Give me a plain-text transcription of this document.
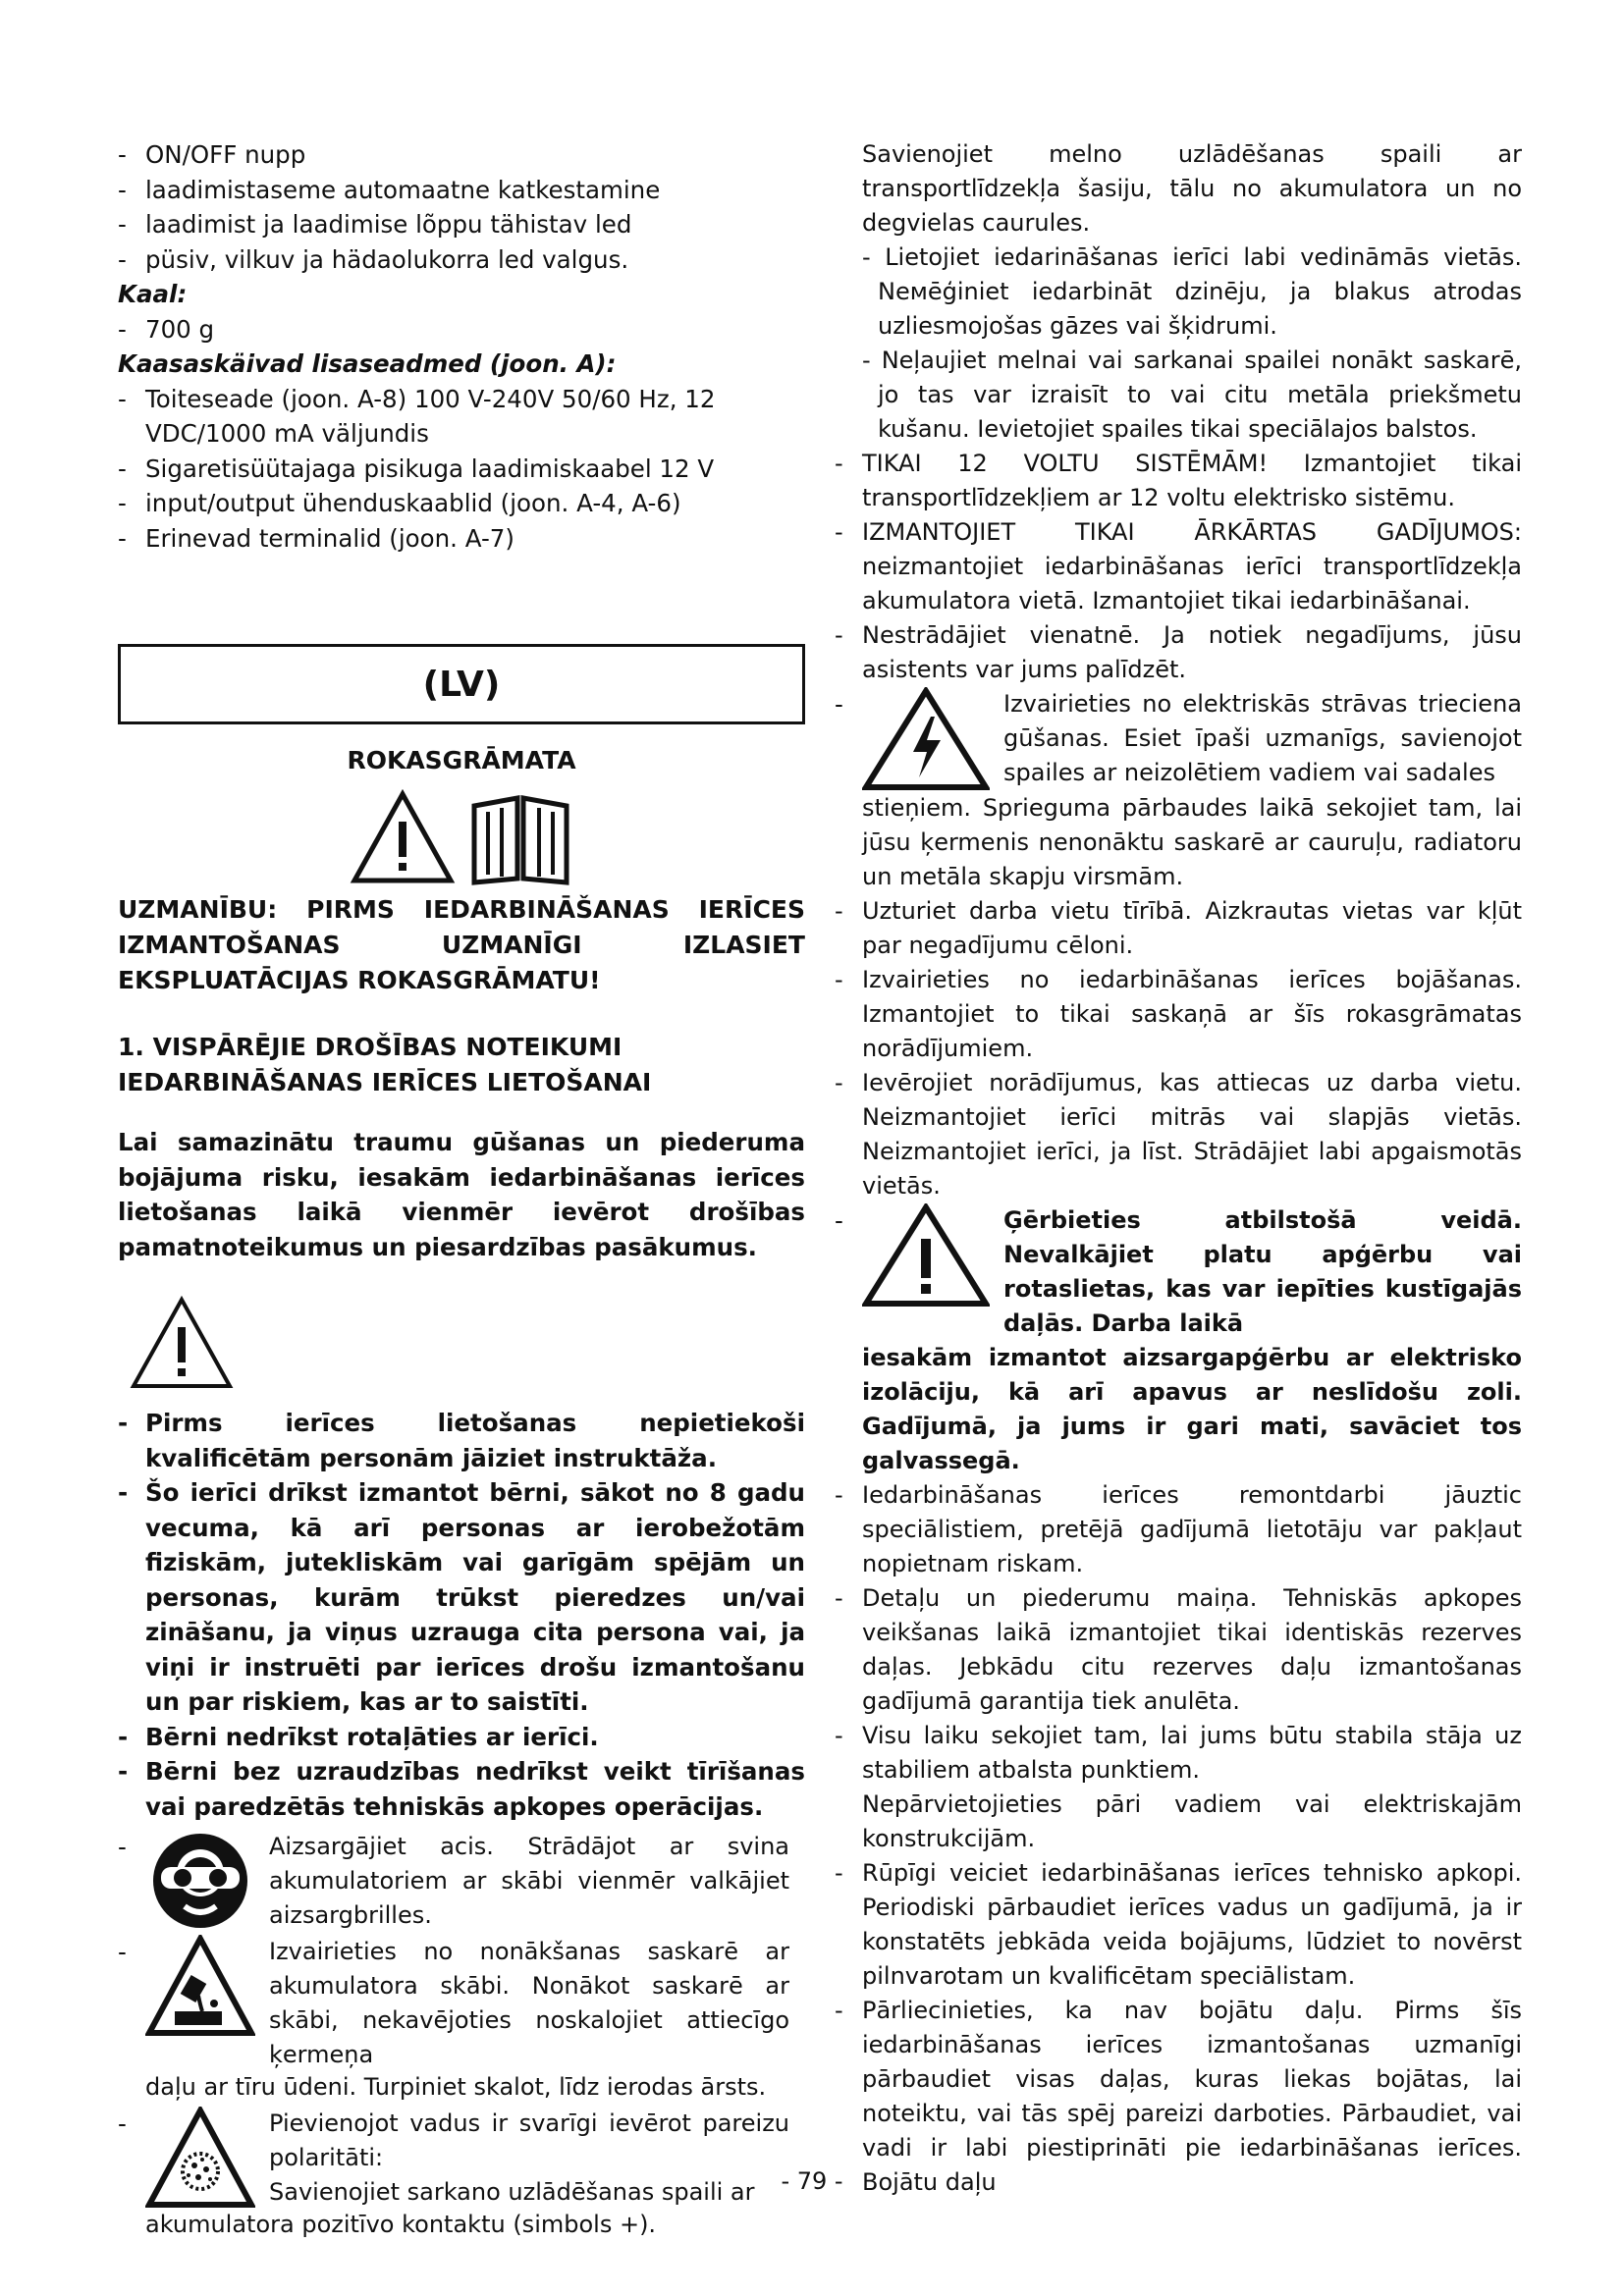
- ON/OFF nupp

- laadimistaseme automaatne katkestamine

- laadimist ja laadimise lõppu tähistav led

- püsiv, vilkuv ja hädaolukorra led valgus.

Kaal:

- 700 g

Kaasaskäivad lisaseadmed (joon. A):

- Toiteseade (joon. A-8) 100 V-240V 50/60 Hz, 12 VDC/1000 mA väljundis

- Sigaretisüütajaga pisikuga laadimiskaabel 12 V

- input/output ühenduskaablid (joon. A-4, A-6)

- Erinevad terminalid (joon. A-7)

(LV)
ROKASGRĀMATA

UZMANĪBU: PIRMS IEDARBINĀŠANAS IERĪCES IZMANTOŠANAS UZMANĪGI IZLASIET EKSPLUATĀCIJAS ROKASGRĀMATU!

1. VISPĀRĒJIE DROŠĪBAS NOTEIKUMI IEDARBINĀŠANAS IERĪCES LIETOŠANAI

Lai samazinātu traumu gūšanas un piederuma bojājuma risku, iesakām iedarbināšanas ierīces lietošanas laikā vienmēr ievērot drošības pamatnoteikumus un piesardzības pasākumus.

- Pirms ierīces lietošanas nepietiekoši kvalificētām personām jāiziet instruktāža.

- Šo ierīci drīkst izmantot bērni, sākot no 8 gadu vecuma, kā arī personas ar ierobežotām fiziskām, jutekliskām vai garīgām spējām un personas, kurām trūkst pieredzes un/vai zināšanu, ja viņus uzrauga cita persona vai, ja viņi ir instruēti par ierīces drošu izmantošanu un par riskiem, kas ar to saistīti.

- Bērni nedrīkst rotaļāties ar ierīci.

- Bērni bez uzraudzības nedrīkst veikt tīrīšanas vai paredzētās tehniskās apkopes operācijas.

-	Aizsargājiet acis. Strādājot ar svina akumulatoriem ar skābi vienmēr valkājiet aizsargbrilles.

-	Izvairieties no nonākšanas saskarē ar akumulatora skābi. Nonākot saskarē ar skābi, nekavējoties noskalojiet attiecīgo ķermeņa

daļu ar tīru ūdeni. Turpiniet skalot, līdz ierodas ārsts.

-	Pievienojot vadus ir svarīgi ievērot pareizu polaritāti:

Savienojiet sarkano uzlādēšanas spaili ar

akumulatora pozitīvo kontaktu (simbols +).

Savienojiet melno uzlādēšanas spaili ar transportlīdzekļa šasiju, tālu no akumulatora un no degvielas caurules.

- Lietojiet iedarināšanas ierīci labi vedināmās vietās. Neмēģiniet iedarbināt dzinēju, ja blakus atrodas uzliesmojošas gāzes vai šķidrumi.

- Neļaujiet melnai vai sarkanai spailei nonākt saskarē, jo tas var izraisīt to vai citu metāla priekšmetu kušanu. Ievietojiet spailes tikai speciālajos balstos.

- TIKAI 12 VOLTU SISTĒMĀM! Izmantojiet tikai transportlīdzekļiem ar 12 voltu elektrisko sistēmu.

- IZMANTOJIET TIKAI ĀRKĀRTAS GADĪJUMOS: neizmantojiet iedarbināšanas ierīci transportlīdzekļa akumulatora vietā. Izmantojiet tikai iedarbināšanai.

- Nestrādājiet vienatnē. Ja notiek negadījums, jūsu asistents var jums palīdzēt.

-	Izvairieties no elektriskās strāvas trieciena gūšanas. Esiet īpaši uzmanīgs, savienojot spailes ar neizolētiem vadiem vai sadales

stieņiem. Sprieguma pārbaudes laikā sekojiet tam, lai jūsu ķermenis nenonāktu saskarē ar cauruļu, radiatoru un metāla skapju virsmām.

- Uzturiet darba vietu tīrībā. Aizkrautas vietas var kļūt par negadījumu cēloni.

- Izvairieties no iedarbināšanas ierīces bojāšanas. Izmantojiet to tikai saskaņā ar šīs rokasgrāmatas norādījumiem.

- Ievērojiet norādījumus, kas attiecas uz darba vietu. Neizmantojiet ierīci mitrās vai slapjās vietās. Neizmantojiet ierīci, ja līst. Strādājiet labi apgaismotās vietās.

-	Ģērbieties atbilstošā veidā. Nevalkājiet platu apģērbu vai rotaslietas, kas var iepīties kustīgajās daļās. Darba laikā

iesakām izmantot aizsargapģērbu ar elektrisko izolāciju, kā arī apavus ar neslīdošu zoli. Gadījumā, ja jums ir gari mati, savāciet tos galvassegā.

- Iedarbināšanas ierīces remontdarbi jāuztic speciālistiem, pretējā gadījumā lietotāju var pakļaut nopietnam riskam.

- Detaļu un piederumu maiņa. Tehniskās apkopes veikšanas laikā izmantojiet tikai identiskās rezerves daļas. Jebkādu citu rezerves daļu izmantošanas gadījumā garantija tiek anulēta.

- Visu laiku sekojiet tam, lai jums būtu stabila stāja uz stabiliem atbalsta punktiem.

Nepārvietojieties pāri vadiem vai elektriskajām konstrukcijām.

- Rūpīgi veiciet iedarbināšanas ierīces tehnisko apkopi. Periodiski pārbaudiet ierīces vadus un gadījumā, ja ir konstatēts jebkāda veida bojājums, lūdziet to novērst pilnvarotam un kvalificētam speciālistam.

- Pārliecinieties, ka nav bojātu daļu. Pirms šīs iedarbināšanas ierīces izmantošanas uzmanīgi pārbaudiet visas daļas, kuras liekas bojātas, lai noteiktu, vai tās spēj pareizi darboties. Pārbaudiet, vai vadi ir labi piestiprināti pie iedarbināšanas ierīces. Bojātu daļu

- 79 -
